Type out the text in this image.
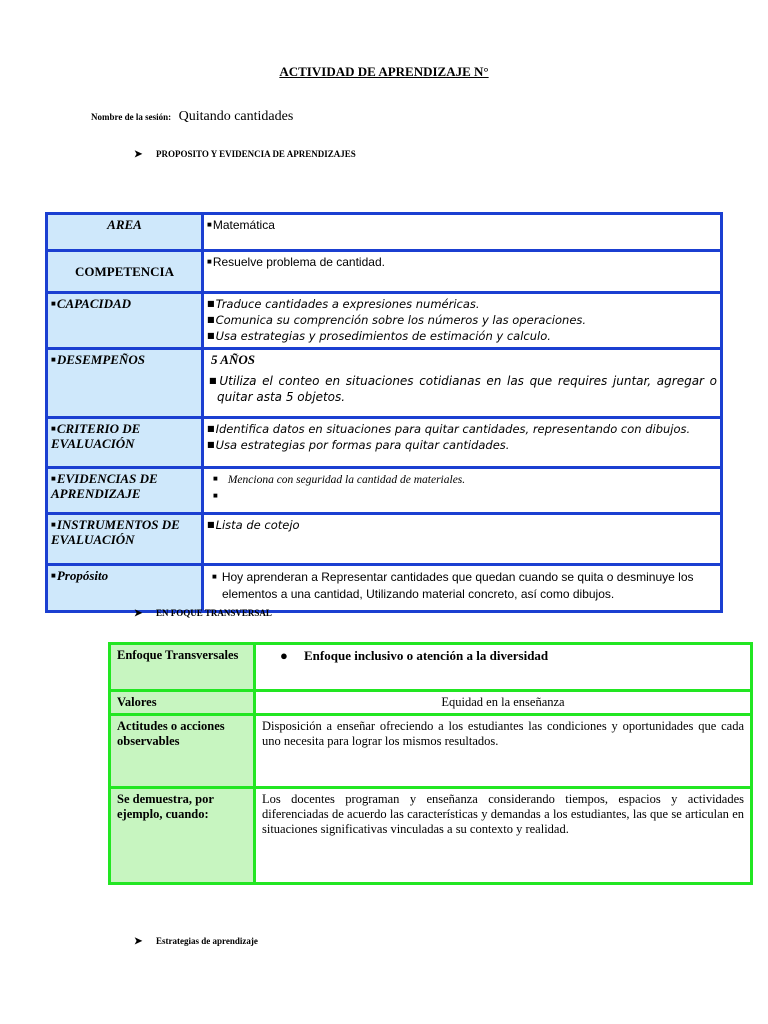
ACTIVIDAD DE APRENDIZAJE N°
Nombre de la sesión: Quitando cantidades
➤ PROPOSITO Y EVIDENCIA DE APRENDIZAJES
AREA	■Matemática
COMPETENCIA	■Resuelve problema de cantidad.
■CAPACIDAD	■Traduce cantidades a expresiones numéricas.
■Comunica su comprención sobre los números y las operaciones.
■Usa estrategias y prosedimientos de estimación y calculo.

■DESEMPEÑOS	5 AÑOS
■Utiliza el conteo en situaciones cotidianas en las que requires juntar, agregar o quitar asta 5 objetos.

■CRITERIO DE EVALUACIÓN	■Identifica datos en situaciones para quitar cantidades, representando con dibujos.
■Usa estrategias por formas para quitar cantidades.

■EVIDENCIAS DE APRENDIZAJE	■ Menciona con seguridad la cantidad de materiales.
■

■INSTRUMENTOS DE EVALUACIÓN	■Lista de cotejo
■Propósito	■ Hoy aprenderan a Representar cantidades que quedan cuando se quita o desminuye los elementos a una cantidad, Utilizando material concreto, así como dibujos.
➤ EN FOQUE TRANSVERSAL
Enfoque Transversales	● Enfoque inclusivo o atención a la diversidad
Valores	Equidad en la enseñanza
Actitudes o acciones observables	Disposición a enseñar ofreciendo a los estudiantes las condiciones y oportunidades que cada uno necesita para lograr los mismos resultados.
Se demuestra, por ejemplo, cuando:	Los docentes programan y enseñanza considerando tiempos, espacios y actividades diferenciadas de acuerdo las características y demandas a los estudiantes, las que se articulan en situaciones significativas vinculadas a su contexto y realidad.
➤ Estrategias de aprendizaje
